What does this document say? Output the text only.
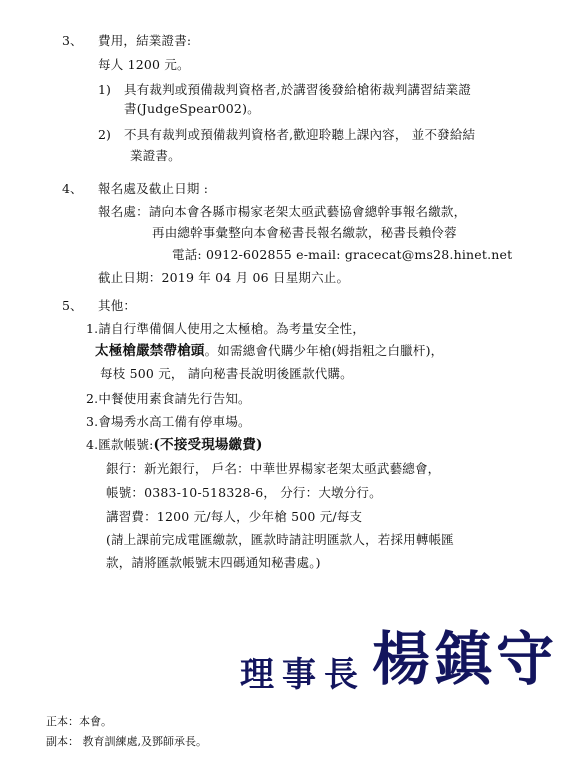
3、 費用，結業證書:
每人 1200 元。
1) 具有裁判或預備裁判資格者,於講習後發給槍術裁判講習結業證
書(JudgeSpear002)。
2) 不具有裁判或預備裁判資格者,歡迎聆聽上課內容， 並不發給結
業證書。
4、 報名處及截止日期 :
報名處：請向本會各縣市楊家老架太亟武藝協會總幹事報名繳款，
再由總幹事彙整向本會秘書長報名繳款，秘書長賴伶蓉
電話: 0912-602855 e-mail: gracecat@ms28.hinet.net
截止日期：2019 年 04 月 06 日星期六止。
5、 其他：
1.請自行準備個人使用之太極槍。為考量安全性，
太極槍嚴禁帶槍頭。如需總會代購少年槍(姆指粗之白臘杆)，
每枝 500 元， 請向秘書長說明後匯款代購。
2.中餐使用素食請先行告知。
3.會場秀水高工備有停車場。
4.匯款帳號:(不接受現場繳費)
銀行：新光銀行， 戶名：中華世界楊家老架太亟武藝總會，
帳號：0383-10-518328-6， 分行：大墩分行。
講習費：1200 元/每人，少年槍 500 元/每支
(請上課前完成電匯繳款，匯款時請註明匯款人，若採用轉帳匯
款，請將匯款帳號末四碼通知秘書處。)
理事長 楊鎮守
正本：本會。
副本： 教育訓練處,及鄧師承長。
